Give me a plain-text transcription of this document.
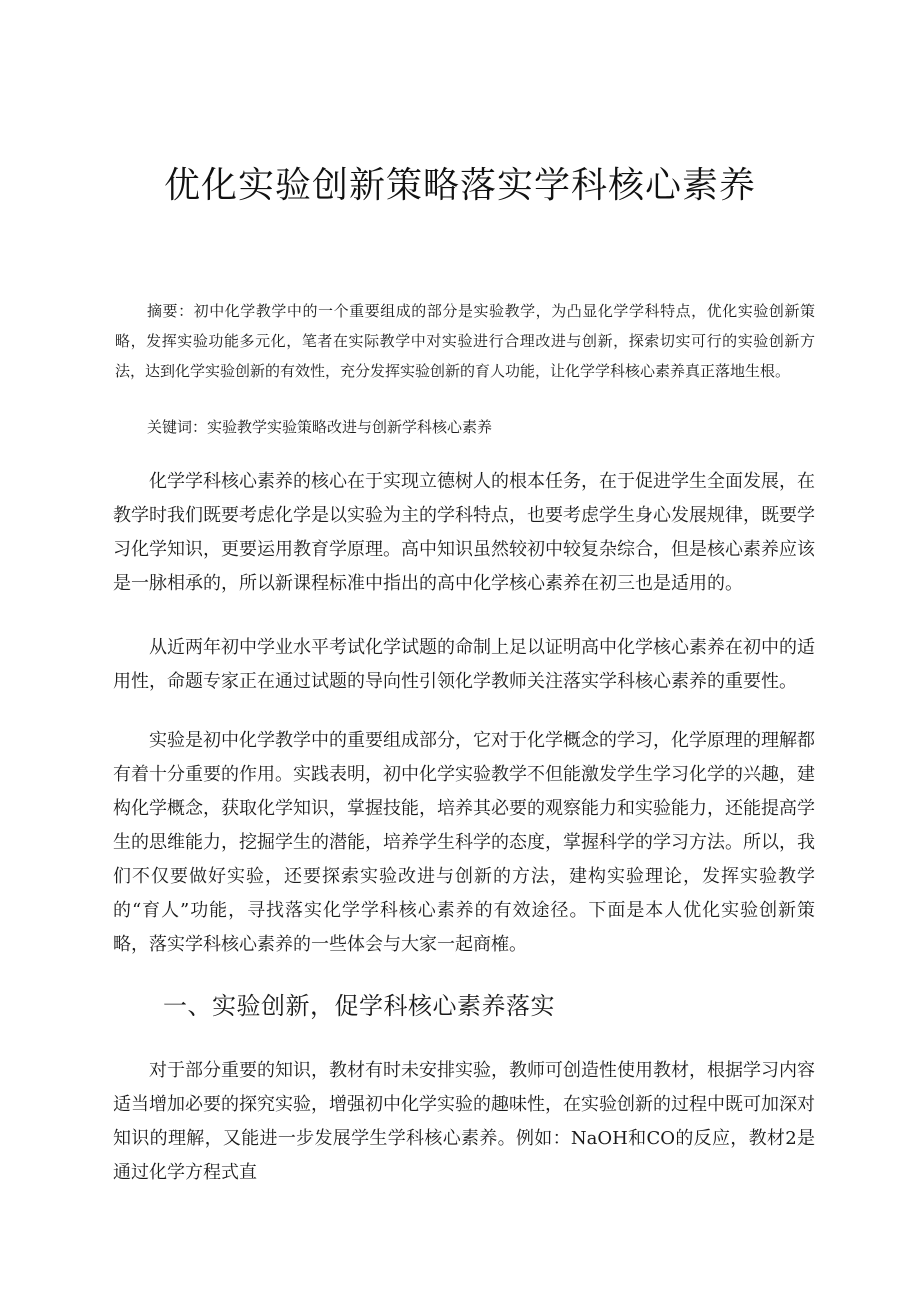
优化实验创新策略落实学科核心素养

摘要：初中化学教学中的一个重要组成的部分是实验教学，为凸显化学学科特点，优化实验创新策略，发挥实验功能多元化，笔者在实际教学中对实验进行合理改进与创新，探索切实可行的实验创新方法，达到化学实验创新的有效性，充分发挥实验创新的育人功能，让化学学科核心素养真正落地生根。

关键词：实验教学实验策略改进与创新学科核心素养

化学学科核心素养的核心在于实现立德树人的根本任务，在于促进学生全面发展，在教学时我们既要考虑化学是以实验为主的学科特点，也要考虑学生身心发展规律，既要学习化学知识，更要运用教育学原理。高中知识虽然较初中较复杂综合，但是核心素养应该是一脉相承的，所以新课程标准中指出的高中化学核心素养在初三也是适用的。

从近两年初中学业水平考试化学试题的命制上足以证明高中化学核心素养在初中的适用性，命题专家正在通过试题的导向性引领化学教师关注落实学科核心素养的重要性。

实验是初中化学教学中的重要组成部分，它对于化学概念的学习，化学原理的理解都有着十分重要的作用。实践表明，初中化学实验教学不但能激发学生学习化学的兴趣，建构化学概念，获取化学知识，掌握技能，培养其必要的观察能力和实验能力，还能提高学生的思维能力，挖掘学生的潜能，培养学生科学的态度，掌握科学的学习方法。所以，我们不仅要做好实验，还要探索实验改进与创新的方法，建构实验理论，发挥实验教学的“育人”功能，寻找落实化学学科核心素养的有效途径。下面是本人优化实验创新策略，落实学科核心素养的一些体会与大家一起商榷。

一、实验创新，促学科核心素养落实

对于部分重要的知识，教材有时未安排实验，教师可创造性使用教材，根据学习内容适当增加必要的探究实验，增强初中化学实验的趣味性，在实验创新的过程中既可加深对知识的理解，又能进一步发展学生学科核心素养。例如：NaOH和CO的反应，教材2是通过化学方程式直
